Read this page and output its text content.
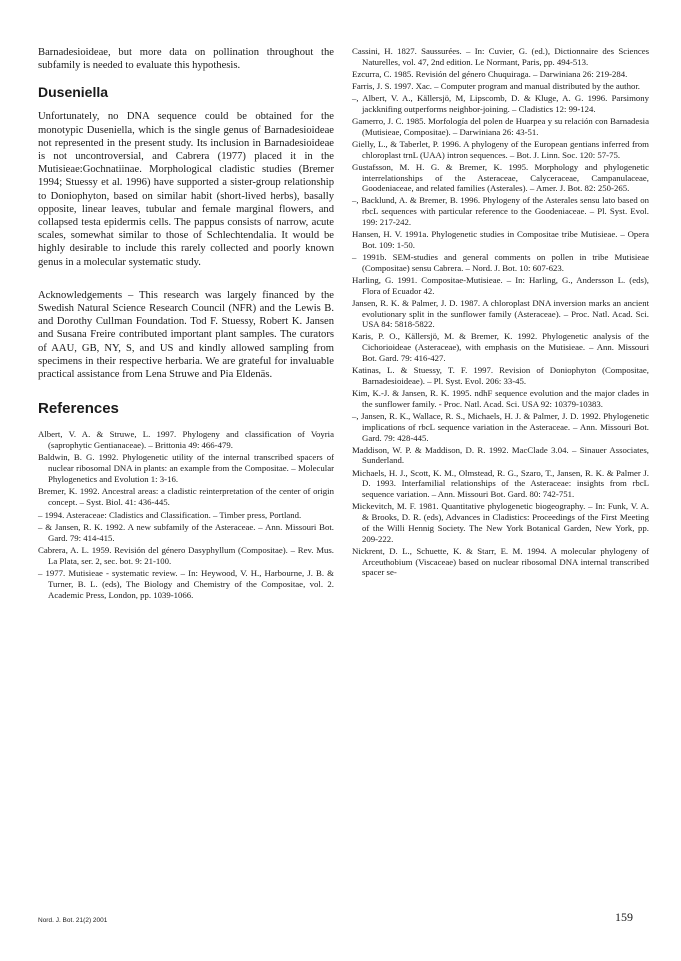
Barnadesioideae, but more data on pollination throughout the subfamily is needed to evaluate this hypothesis.

Duseniella

Unfortunately, no DNA sequence could be obtained for the monotypic Duseniella, which is the single genus of Barnadesioideae not represented in the present study. Its inclusion in Barnadesioideae is not uncontroversial, and Cabrera (1977) placed it in the Mutisieae:Gochnatiinae. Morphological cladistic studies (Bremer 1994; Stuessy et al. 1996) have supported a sister-group relationship to Doniophyton, based on similar habit (short-lived herbs), basally opposite, linear leaves, tubular and female marginal flowers, and collapsed testa epidermis cells. The pappus consists of narrow, acute scales, somewhat similar to those of Schlechtendalia. It would be highly desirable to include this rarely collected and poorly known genus in a molecular systematic study.

Acknowledgements – This research was largely financed by the Swedish Natural Science Research Council (NFR) and the Lewis B. and Dorothy Cullman Foundation. Tod F. Stuessy, Robert K. Jansen and Susana Freire contributed important plant samples. The curators of AAU, GB, NY, S, and US and kindly allowed sampling from specimens in their respective herbaria. We are grateful for invaluable practical assistance from Lena Struwe and Pia Eldenäs.

References

Albert, V. A. & Struwe, L. 1997. Phylogeny and classification of Voyria (saprophytic Gentianaceae). – Brittonia 49: 466-479.

Baldwin, B. G. 1992. Phylogenetic utility of the internal transcribed spacers of nuclear ribosomal DNA in plants: an example from the Compositae. – Molecular Phylogenetics and Evolution 1: 3-16.

Bremer, K. 1992. Ancestral areas: a cladistic reinterpretation of the center of origin concept. – Syst. Biol. 41: 436-445.

– 1994. Asteraceae: Cladistics and Classification. – Timber press, Portland.

– & Jansen, R. K. 1992. A new subfamily of the Asteraceae. – Ann. Missouri Bot. Gard. 79: 414-415.

Cabrera, A. L. 1959. Revisión del género Dasyphyllum (Compositae). – Rev. Mus. La Plata, ser. 2, sec. bot. 9: 21-100.

– 1977. Mutisieae - systematic review. – In: Heywood, V. H., Harbourne, J. B. & Turner, B. L. (eds), The Biology and Chemistry of the Compositae, vol. 2. Academic Press, London, pp. 1039-1066.

Cassini, H. 1827. Saussurées. – In: Cuvier, G. (ed.), Dictionnaire des Sciences Naturelles, vol. 47, 2nd edition. Le Normant, Paris, pp. 494-513.

Ezcurra, C. 1985. Revisión del género Chuquiraga. – Darwiniana 26: 219-284.

Farris, J. S. 1997. Xac. – Computer program and manual distributed by the author.

–, Albert, V. A., Källersjö, M, Lipscomb, D. & Kluge, A. G. 1996. Parsimony jackknifing outperforms neighbor-joining. – Cladistics 12: 99-124.

Gamerro, J. C. 1985. Morfología del polen de Huarpea y su relación con Barnadesia (Mutisieae, Compositae). – Darwiniana 26: 43-51.

Gielly, L., & Taberlet, P. 1996. A phylogeny of the European gentians inferred from chloroplast trnL (UAA) intron sequences. – Bot. J. Linn. Soc. 120: 57-75.

Gustafsson, M. H. G. & Bremer, K. 1995. Morphology and phylogenetic interrelationships of the Asteraceae, Calyceraceae, Campanulaceae, Goodeniaceae, and related families (Asterales). – Amer. J. Bot. 82: 250-265.

–, Backlund, A. & Bremer, B. 1996. Phylogeny of the Asterales sensu lato based on rbcL sequences with particular reference to the Goodeniaceae. – Pl. Syst. Evol. 199: 217-242.

Hansen, H. V. 1991a. Phylogenetic studies in Compositae tribe Mutisieae. – Opera Bot. 109: 1-50.

– 1991b. SEM-studies and general comments on pollen in tribe Mutisieae (Compositae) sensu Cabrera. – Nord. J. Bot. 10: 607-623.

Harling, G. 1991. Compositae-Mutisieae. – In: Harling, G., Andersson L. (eds), Flora of Ecuador 42.

Jansen, R. K. & Palmer, J. D. 1987. A chloroplast DNA inversion marks an ancient evolutionary split in the sunflower family (Asteraceae). – Proc. Natl. Acad. Sci. USA 84: 5818-5822.

Karis, P. O., Källersjö, M. & Bremer, K. 1992. Phylogenetic analysis of the Cichorioideae (Asteraceae), with emphasis on the Mutisieae. – Ann. Missouri Bot. Gard. 79: 416-427.

Katinas, L. & Stuessy, T. F. 1997. Revision of Doniophyton (Compositae, Barnadesioideae). – Pl. Syst. Evol. 206: 33-45.

Kim, K.-J. & Jansen, R. K. 1995. ndhF sequence evolution and the major clades in the sunflower family. - Proc. Natl. Acad. Sci. USA 92: 10379-10383.

–, Jansen, R. K., Wallace, R. S., Michaels, H. J. & Palmer, J. D. 1992. Phylogenetic implications of rbcL sequence variation in the Asteraceae. – Ann. Missouri Bot. Gard. 79: 428-445.

Maddison, W. P. & Maddison, D. R. 1992. MacClade 3.04. – Sinauer Associates, Sunderland.

Michaels, H. J., Scott, K. M., Olmstead, R. G., Szaro, T., Jansen, R. K. & Palmer J. D. 1993. Interfamilial relationships of the Asteraceae: insights from rbcL sequence variation. – Ann. Missouri Bot. Gard. 80: 742-751.

Mickevitch, M. F. 1981. Quantitative phylogenetic biogeography. – In: Funk, V. A. & Brooks, D. R. (eds), Advances in Cladistics: Proceedings of the First Meeting of the Willi Hennig Society. The New York Botanical Garden, New York, pp. 209-222.

Nickrent, D. L., Schuette, K. & Starr, E. M. 1994. A molecular phylogeny of Arceuthobium (Viscaceae) based on nuclear ribosomal DNA internal transcribed spacer se-

Nord. J. Bot. 21(2) 2001	159
